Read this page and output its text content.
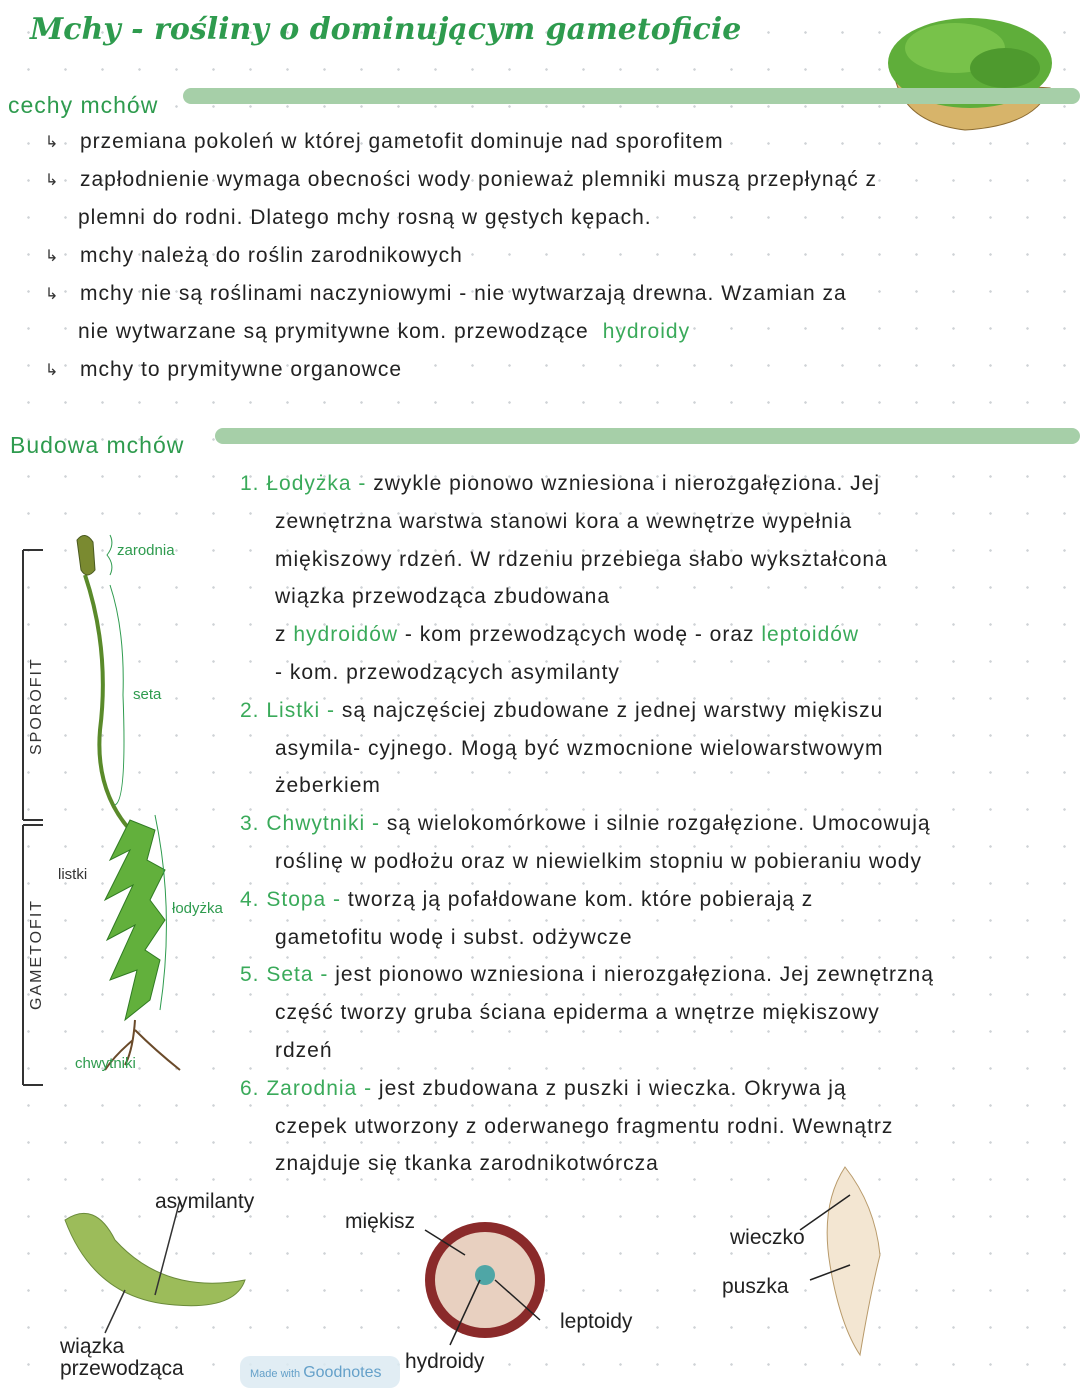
Mchy - rośliny o dominującym gametoficie
cechy mchów
↳ przemiana pokoleń w której gametofit dominuje nad sporofitem
↳ zapłodnienie wymaga obecności wody ponieważ plemniki muszą przepłynąć z
plemni do rodni. Dlatego mchy rosną w gęstych kępach.
↳ mchy należą do roślin zarodnikowych
↳ mchy nie są roślinami naczyniowymi - nie wytwarzają drewna. Wzamian za
nie wytwarzane są prymitywne kom. przewodzące hydroidy
↳ mchy to prymitywne organowce
Budowa mchów
1. Łodyżka - zwykle pionowo wzniesiona i nierozgałęziona. Jej
zewnętrzna warstwa stanowi kora a wewnętrze wypełnia
miękiszowy rdzeń. W rdzeniu przebiega słabo wykształcona
wiązka przewodząca zbudowana
z hydroidów - kom przewodzących wodę - oraz leptoidów
- kom. przewodzących asymilanty
2. Listki - są najczęściej zbudowane z jednej warstwy miękiszu
asymila- cyjnego. Mogą być wzmocnione wielowarstwowym
żeberkiem
3. Chwytniki - są wielokomórkowe i silnie rozgałęzione. Umocowują
roślinę w podłożu oraz w niewielkim stopniu w pobieraniu wody
4. Stopa - tworzą ją pofałdowane kom. które pobierają z
gametofitu wodę i subst. odżywcze
5. Seta - jest pionowo wzniesiona i nierozgałęziona. Jej zewnętrzną
część tworzy gruba ściana epiderma a wnętrze miękiszowy
rdzeń
6. Zarodnia - jest zbudowana z puszki i wieczka. Okrywa ją
czepek utworzony z oderwanego fragmentu rodni. Wewnątrz
znajduje się tkanka zarodnikotwórcza
zarodnia
seta
listki
łodyżka
chwytniki
SPOROFIT
GAMETOFIT
asymilanty
wiązka przewodząca
miękisz
leptoidy
hydroidy
wieczko
puszka
Made with Goodnotes
